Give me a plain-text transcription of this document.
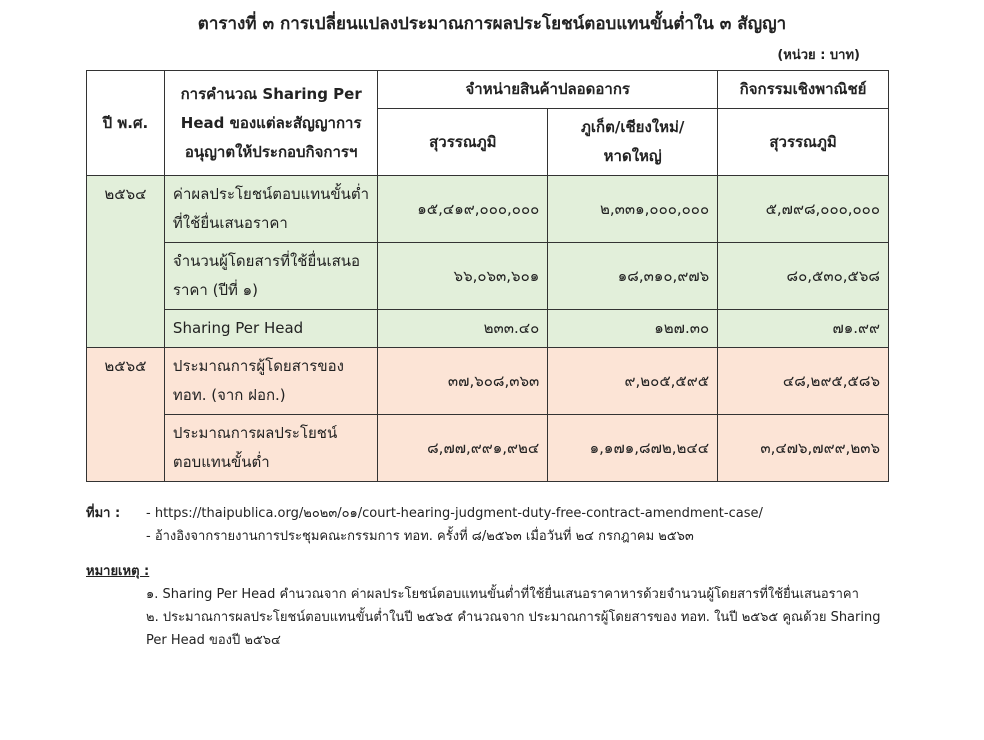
ตารางที่ ๓ การเปลี่ยนแปลงประมาณการผลประโยชน์ตอบแทนขั้นต่ำใน ๓ สัญญา
(หน่วย : บาท)
ปี พ.ศ.	การคำนวณ Sharing Per Head ของแต่ละสัญญาการอนุญาตให้ประกอบกิจการฯ	จำหน่ายสินค้าปลอดอากร		กิจกรรมเชิงพาณิชย์
		สุวรรณภูมิ	ภูเก็ต/เชียงใหม่/หาดใหญ่	สุวรรณภูมิ
๒๕๖๔	ค่าผลประโยชน์ตอบแทนขั้นต่ำที่ใช้ยื่นเสนอราคา	๑๕,๔๑๙,๐๐๐,๐๐๐	๒,๓๓๑,๐๐๐,๐๐๐	๕,๗๙๘,๐๐๐,๐๐๐
	จำนวนผู้โดยสารที่ใช้ยื่นเสนอราคา (ปีที่ ๑)	๖๖,๐๖๓,๖๐๑	๑๘,๓๑๐,๙๗๖	๘๐,๕๓๐,๕๖๘
	Sharing Per Head	๒๓๓.๔๐	๑๒๗.๓๐	๗๑.๙๙
๒๕๖๕	ประมาณการผู้โดยสารของ ทอท. (จาก ฝอก.)	๓๗,๖๐๘,๓๖๓	๙,๒๐๕,๕๙๕	๔๘,๒๙๕,๕๘๖
	ประมาณการผลประโยชน์ตอบแทนขั้นต่ำ	๘,๗๗,๙๙๑,๙๒๔	๑,๑๗๑,๘๗๒,๒๔๔	๓,๔๗๖,๗๙๙,๒๓๖
ที่มา :	- https://thaipublica.org/๒๐๒๓/๐๑/court-hearing-judgment-duty-free-contract-amendment-case/
- อ้างอิงจากรายงานการประชุมคณะกรรมการ ทอท. ครั้งที่ ๘/๒๕๖๓ เมื่อวันที่ ๒๔ กรกฎาคม ๒๕๖๓
หมายเหตุ :
๑. Sharing Per Head คำนวณจาก ค่าผลประโยชน์ตอบแทนขั้นต่ำที่ใช้ยื่นเสนอราคาหารด้วยจำนวนผู้โดยสารที่ใช้ยื่นเสนอราคา
๒. ประมาณการผลประโยชน์ตอบแทนขั้นต่ำในปี ๒๕๖๕ คำนวณจาก ประมาณการผู้โดยสารของ ทอท. ในปี ๒๕๖๕ คูณด้วย Sharing Per Head ของปี ๒๕๖๔
